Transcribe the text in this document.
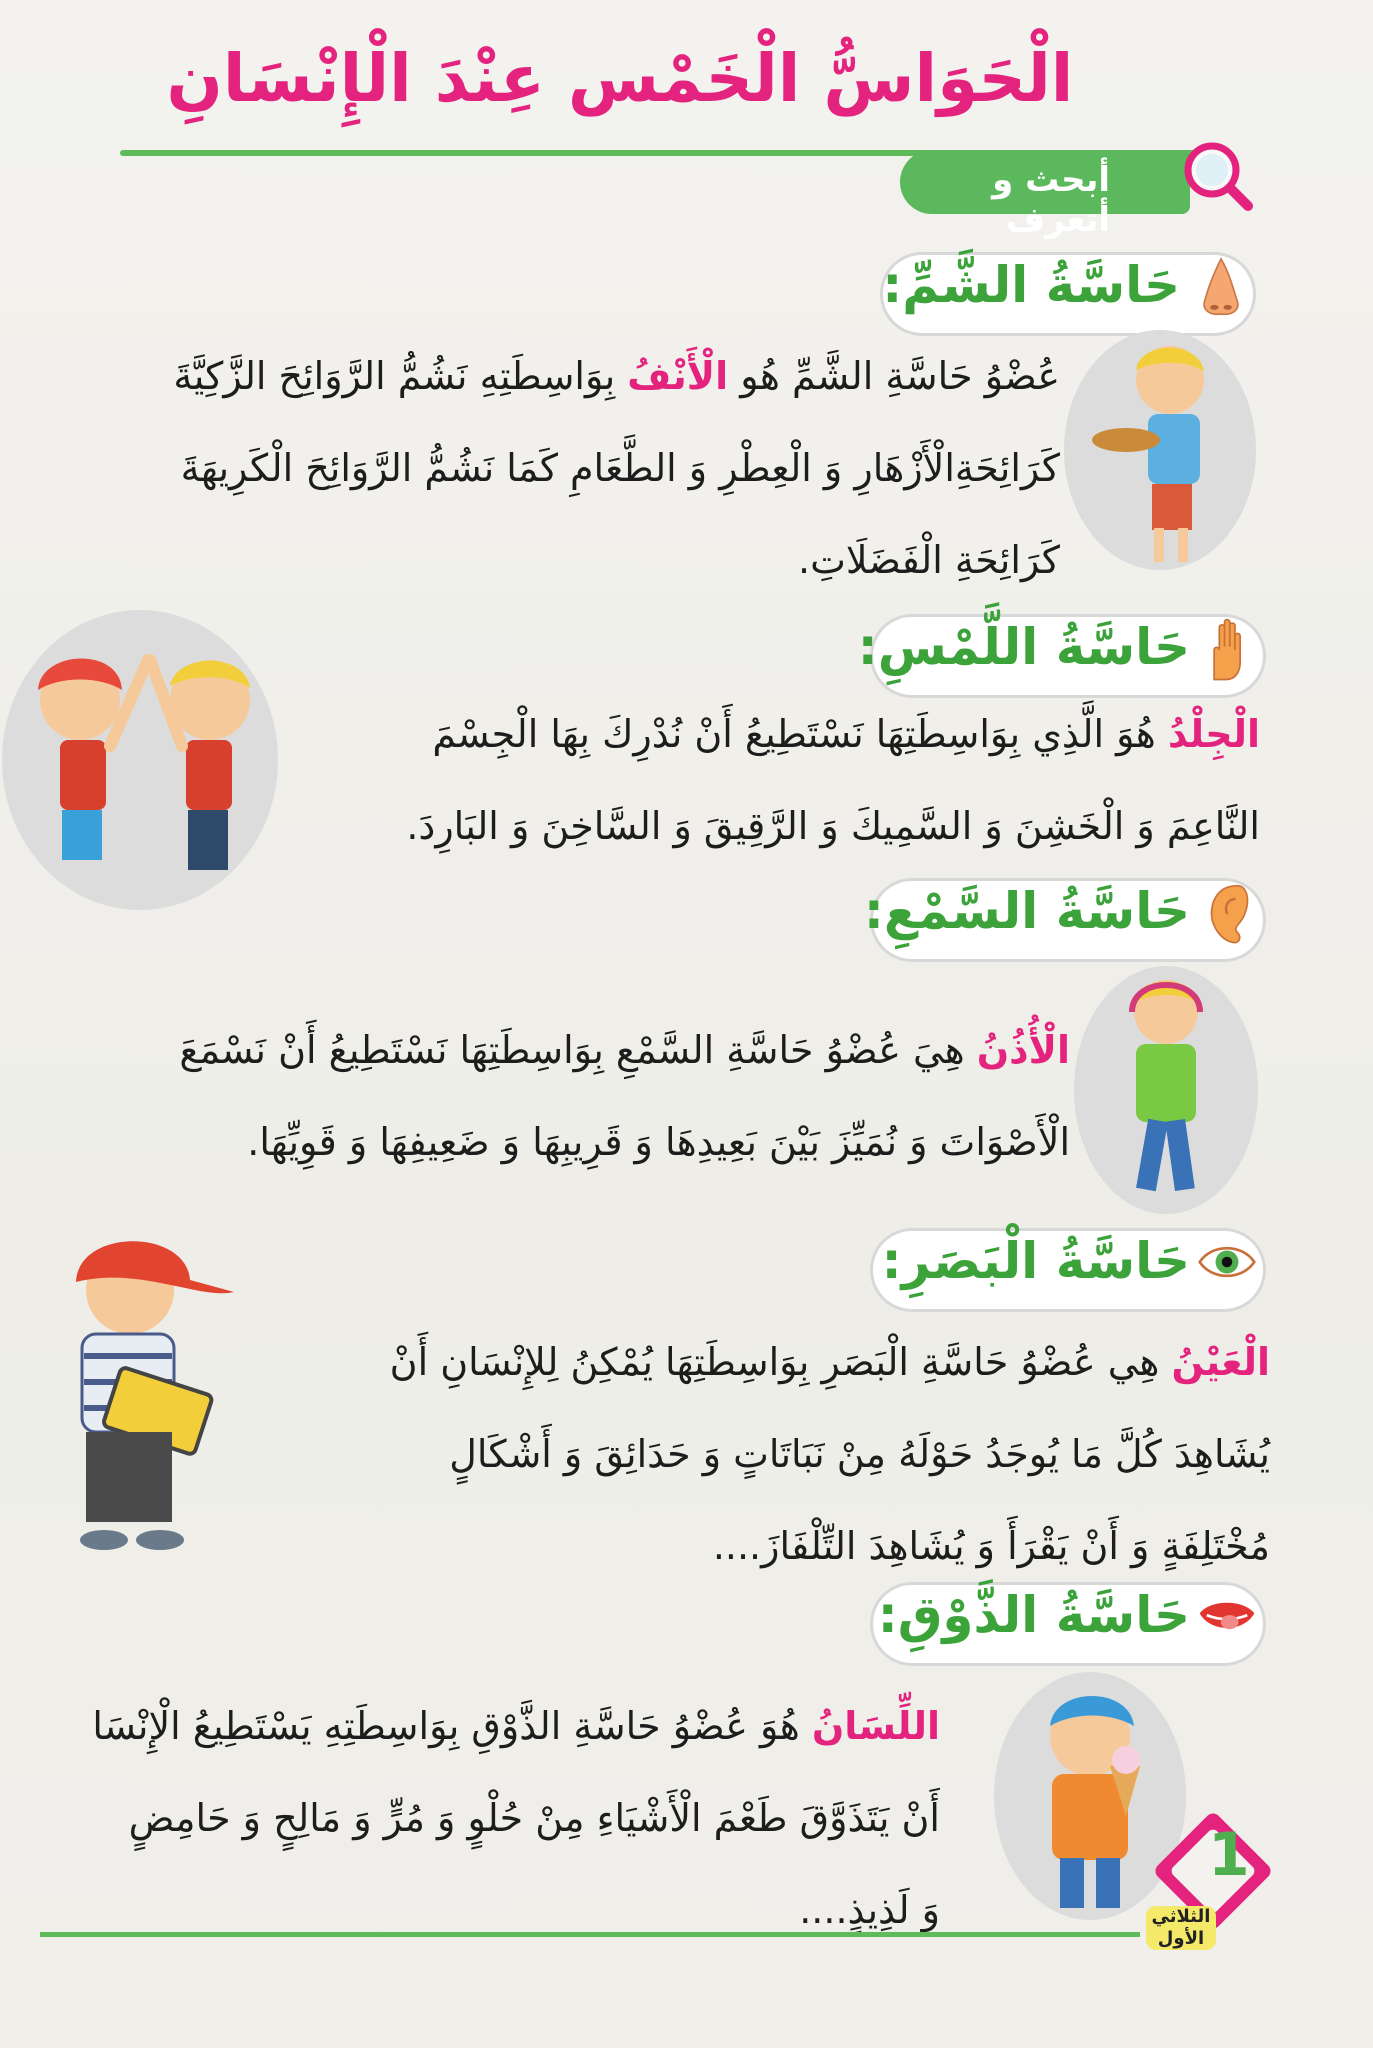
الْحَوَاسُّ الْخَمْس عِنْدَ الْإِنْسَانِ
أبحث و أتعرف
حَاسَّةُ الشَّمِّ:
عُضْوُ حَاسَّةِ الشَّمِّ هُو الْأَنْفُ بِوَاسِطَتِهِ نَشُمُّ الرَّوَائِحَ الزَّكِيَّةَ
كَرَائِحَةِالْأَزْهَارِ وَ الْعِطْرِ وَ الطَّعَامِ كَمَا نَشُمُّ الرَّوَائِحَ الْكَرِيهَةَ
كَرَائِحَةِ الْفَضَلَاتِ.
حَاسَّةُ اللَّمْسِ:
الْجِلْدُ هُوَ الَّذِي بِوَاسِطَتِهَا نَسْتَطِيعُ أَنْ نُدْرِكَ بِهَا الْجِسْمَ
النَّاعِمَ وَ الْخَشِنَ وَ السَّمِيكَ وَ الرَّقِيقَ وَ السَّاخِنَ وَ البَارِدَ.
حَاسَّةُ السَّمْعِ:
الْأُذُنُ هِيَ عُضْوُ حَاسَّةِ السَّمْعِ بِوَاسِطَتِهَا نَسْتَطِيعُ أَنْ نَسْمَعَ
الْأَصْوَاتَ وَ نُمَيِّزَ بَيْنَ بَعِيدِهَا وَ قَرِيبِهَا وَ ضَعِيفِهَا وَ قَوِيِّهَا.
حَاسَّةُ الْبَصَرِ:
الْعَيْنُ هِي عُضْوُ حَاسَّةِ الْبَصَرِ بِوَاسِطَتِهَا يُمْكِنُ لِلإِنْسَانِ أَنْ
يُشَاهِدَ كُلَّ مَا يُوجَدُ حَوْلَهُ مِنْ نَبَاتَاتٍ وَ حَدَائِقَ وَ أَشْكَالٍ
مُخْتَلِفَةٍ وَ أَنْ يَقْرَأَ وَ يُشَاهِدَ التِّلْفَازَ....
حَاسَّةُ الذَّوْقِ:
اللِّسَانُ هُوَ عُضْوُ حَاسَّةِ الذَّوْقِ بِوَاسِطَتِهِ يَسْتَطِيعُ الْإِنْسَا
أَنْ يَتَذَوَّقَ طَعْمَ الْأَشْيَاءِ مِنْ حُلْوٍ وَ مُرٍّ وَ مَالِحٍ وَ حَامِضٍ
وَ لَذِيذٍ....
1
الثلاثي
الأول
